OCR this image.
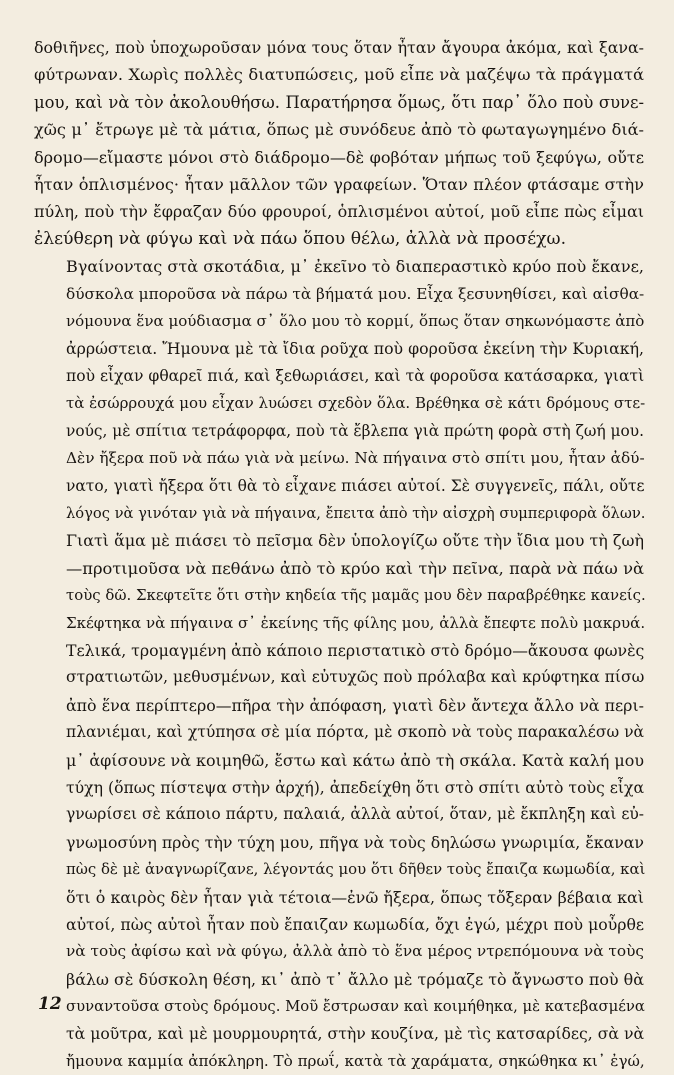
δοθιῆνες, ποὺ ὑποχωροῦσαν μόνα τους ὅταν ἦταν ἄγουρα ἀκόμα, καὶ ξανα-
φύτρωναν. Χωρὶς πολλὲς διατυπώσεις, μοῦ εἶπε νὰ μαζέψω τὰ πράγματά
μου, καὶ νὰ τὸν ἀκολουθήσω. Παρατήρησα ὅμως, ὅτι παρ᾿ ὅλο ποὺ συνε-
χῶς μ᾿ ἔτρωγε μὲ τὰ μάτια, ὅπως μὲ συνόδευε ἀπὸ τὸ φωταγωγημένο διά-
δρομο—εἴμαστε μόνοι στὸ διάδρομο—δὲ φοβόταν μήπως τοῦ ξεφύγω, οὔτε
ἦταν ὁπλισμένος· ἦταν μᾶλλον τῶν γραφείων. Ὅταν πλέον φτάσαμε στὴν
πύλη, ποὺ τὴν ἔφραζαν δύο φρουροί, ὁπλισμένοι αὐτοί, μοῦ εἶπε πὼς εἶμαι
ἐλεύθερη νὰ φύγω καὶ νὰ πάω ὅπου θέλω, ἀλλὰ νὰ προσέχω.

Βγαίνοντας στὰ σκοτάδια, μ᾿ ἐκεῖνο τὸ διαπεραστικὸ κρύο ποὺ ἔκανε,
δύσκολα μποροῦσα νὰ πάρω τὰ βήματά μου. Εἶχα ξεσυνηθίσει, καὶ αἰσθα-
νόμουνα ἕνα μούδιασμα σ᾿ ὅλο μου τὸ κορμί, ὅπως ὅταν σηκωνόμαστε ἀπὸ
ἀρρώστεια. Ἤμουνα μὲ τὰ ἴδια ροῦχα ποὺ φοροῦσα ἐκείνη τὴν Κυριακή,
ποὺ εἶχαν φθαρεῖ πιά, καὶ ξεθωριάσει, καὶ τὰ φοροῦσα κατάσαρκα, γιατὶ
τὰ ἐσώρρουχά μου εἶχαν λυώσει σχεδὸν ὅλα. Βρέθηκα σὲ κάτι δρόμους στε-
νούς, μὲ σπίτια τετράφορφα, ποὺ τὰ ἔβλεπα γιὰ πρώτη φορὰ στὴ ζωή μου.
Δὲν ἤξερα ποῦ νὰ πάω γιὰ νὰ μείνω. Νὰ πήγαινα στὸ σπίτι μου, ἦταν ἀδύ-
νατο, γιατὶ ἤξερα ὅτι θὰ τὸ εἶχανε πιάσει αὐτοί. Σὲ συγγενεῖς, πάλι, οὔτε
λόγος νὰ γινόταν γιὰ νὰ πήγαινα, ἔπειτα ἀπὸ τὴν αἰσχρὴ συμπεριφορὰ ὅλων.
Γιατὶ ἅμα μὲ πιάσει τὸ πεῖσμα δὲν ὑπολογίζω οὔτε τὴν ἴδια μου τὴ ζωὴ
—προτιμοῦσα νὰ πεθάνω ἀπὸ τὸ κρύο καὶ τὴν πεῖνα, παρὰ νὰ πάω νὰ
τοὺς δῶ. Σκεφτεῖτε ὅτι στὴν κηδεία τῆς μαμᾶς μου δὲν παραβρέθηκε κανείς.
Σκέφτηκα νὰ πήγαινα σ᾿ ἐκείνης τῆς φίλης μου, ἀλλὰ ἔπεφτε πολὺ μακρυά.
Τελικά, τρομαγμένη ἀπὸ κάποιο περιστατικὸ στὸ δρόμο—ἄκουσα φωνὲς
στρατιωτῶν, μεθυσμένων, καὶ εὐτυχῶς ποὺ πρόλαβα καὶ κρύφτηκα πίσω
ἀπὸ ἕνα περίπτερο—πῆρα τὴν ἀπόφαση, γιατὶ δὲν ἄντεχα ἄλλο νὰ περι-
πλανιέμαι, καὶ χτύπησα σὲ μία πόρτα, μὲ σκοπὸ νὰ τοὺς παρακαλέσω νὰ
μ᾿ ἀφίσουνε νὰ κοιμηθῶ, ἔστω καὶ κάτω ἀπὸ τὴ σκάλα. Κατὰ καλή μου
τύχη (ὅπως πίστεψα στὴν ἀρχή), ἀπεδείχθη ὅτι στὸ σπίτι αὐτὸ τοὺς εἶχα
γνωρίσει σὲ κάποιο πάρτυ, παλαιά, ἀλλὰ αὐτοί, ὅταν, μὲ ἔκπληξη καὶ εὐ-
γνωμοσύνη πρὸς τὴν τύχη μου, πῆγα νὰ τοὺς δηλώσω γνωριμία, ἔκαναν
πὼς δὲ μὲ ἀναγνωρίζανε, λέγοντάς μου ὅτι δῆθεν τοὺς ἔπαιζα κωμωδία, καὶ
ὅτι ὁ καιρὸς δὲν ἦταν γιὰ τέτοια—ἐνῶ ἤξερα, ὅπως τὄξεραν βέβαια καὶ
αὐτοί, πὼς αὐτοὶ ἦταν ποὺ ἔπαιζαν κωμωδία, ὄχι ἐγώ, μέχρι ποὺ μοὖρθε
νὰ τοὺς ἀφίσω καὶ νὰ φύγω, ἀλλὰ ἀπὸ τὸ ἕνα μέρος ντρεπόμουνα νὰ τοὺς
βάλω σὲ δύσκολη θέση, κι᾿ ἀπὸ τ᾿ ἄλλο μὲ τρόμαζε τὸ ἄγνωστο ποὺ θὰ
συναντοῦσα στοὺς δρόμους. Μοῦ ἔστρωσαν καὶ κοιμήθηκα, μὲ κατεβασμένα
τὰ μοῦτρα, καὶ μὲ μουρμουρητά, στὴν κουζίνα, μὲ τὶς κατσαρίδες, σὰ νὰ
ἤμουνα καμμία ἀπόκληρη. Τὸ πρωΐ, κατὰ τὰ χαράματα, σηκώθηκα κι᾿ ἐγώ,

12
